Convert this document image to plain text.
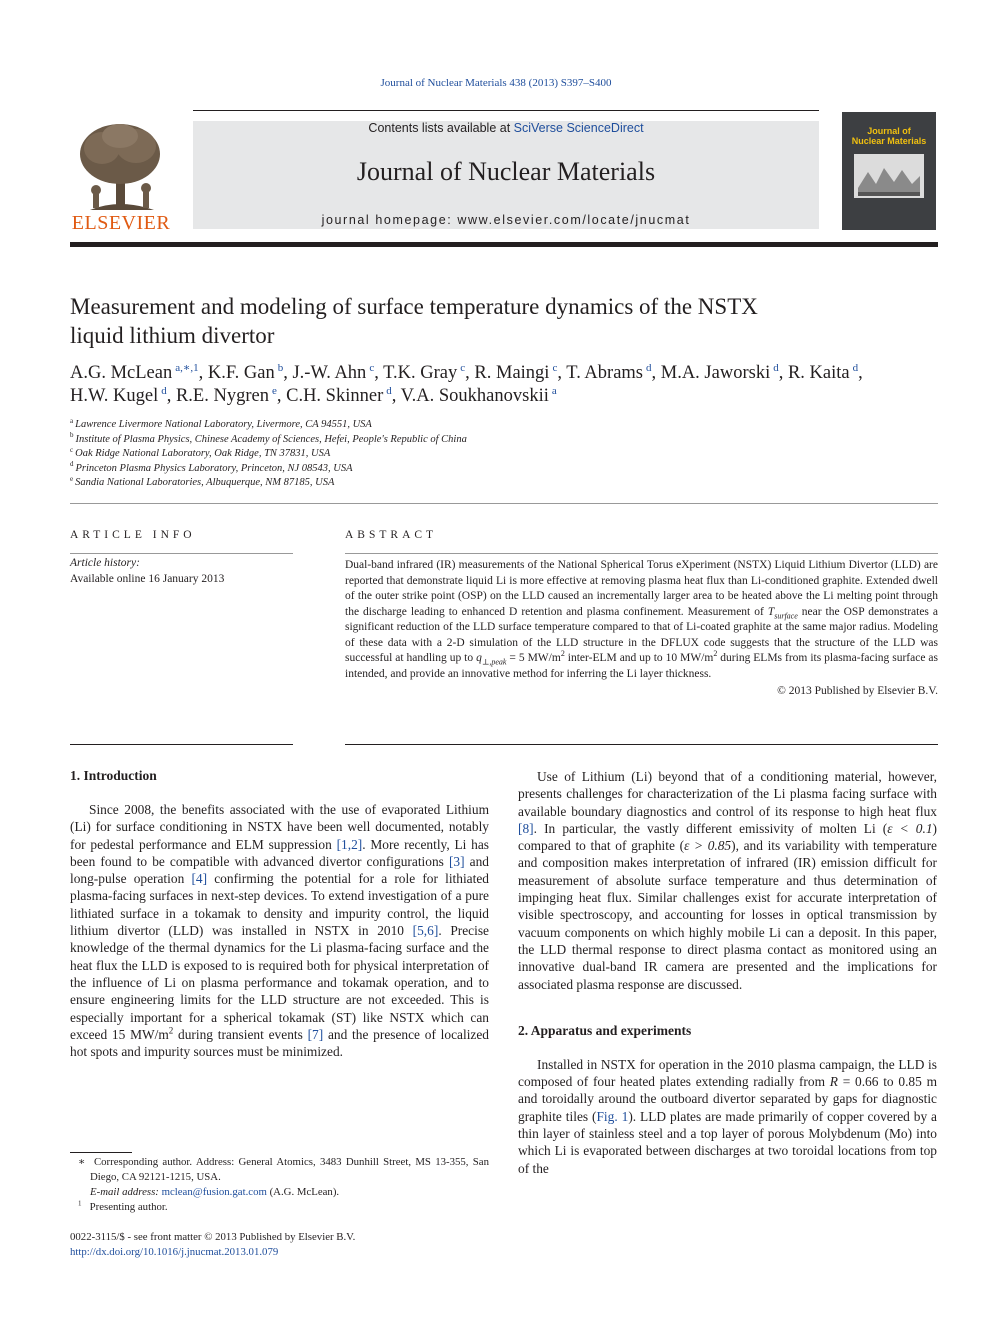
Journal of Nuclear Materials 438 (2013) S397–S400
ELSEVIER
Contents lists available at SciVerse ScienceDirect
Journal of Nuclear Materials
journal homepage: www.elsevier.com/locate/jnucmat
Journal of
Nuclear Materials
Measurement and modeling of surface temperature dynamics of the NSTX
liquid lithium divertor
A.G. McLean $^{a,∗,1}$, K.F. Gan $^b$, J.-W. Ahn $^c$, T.K. Gray $^c$, R. Maingi $^c$, T. Abrams $^d$, M.A. Jaworski $^d$, R. Kaita $^d$,
H.W. Kugel $^d$, R.E. Nygren $^e$, C.H. Skinner $^d$, V.A. Soukhanovskii $^a$
$^a$ Lawrence Livermore National Laboratory, Livermore, CA 94551, USA
$^b$ Institute of Plasma Physics, Chinese Academy of Sciences, Hefei, People's Republic of China
$^c$ Oak Ridge National Laboratory, Oak Ridge, TN 37831, USA
$^d$ Princeton Plasma Physics Laboratory, Princeton, NJ 08543, USA
$^e$ Sandia National Laboratories, Albuquerque, NM 87185, USA
ARTICLE INFO
Article history:
Available online 16 January 2013
ABSTRACT

Dual-band infrared (IR) measurements of the National Spherical Torus eXperiment (NSTX) Liquid Lithium Divertor (LLD) are reported that demonstrate liquid Li is more effective at removing plasma heat flux than Li-conditioned graphite. Extended dwell of the outer strike point (OSP) on the LLD caused an incrementally larger area to be heated above the Li melting point through the discharge leading to enhanced D retention and plasma confinement. Measurement of $T_{surface}$ near the OSP demonstrates a significant reduction of the LLD surface temperature compared to that of Li-coated graphite at the same major radius. Modeling of these data with a 2-D simulation of the LLD structure in the DFLUX code suggests that the structure of the LLD was successful at handling up to $q_{\perp,peak} = 5$ $MW/m^2$ inter-ELM and up to 10 $MW/m^2$ during ELMs from its plasma-facing surface as intended, and provide an innovative method for inferring the Li layer thickness.

© 2013 Published by Elsevier B.V.
1. Introduction

Since 2008, the benefits associated with the use of evaporated Lithium (Li) for surface conditioning in NSTX have been well documented, notably for pedestal performance and ELM suppression [1,2]. More recently, Li has been found to be compatible with advanced divertor configurations [3] and long-pulse operation [4] confirming the potential for a role for lithiated plasma-facing surfaces in next-step devices. To extend investigation of a pure lithiated surface in a tokamak to density and impurity control, the liquid lithium divertor (LLD) was installed in NSTX in 2010 [5,6]. Precise knowledge of the thermal dynamics for the Li plasma-facing surface and the heat flux the LLD is exposed to is required both for physical interpretation of the influence of Li on plasma performance and tokamak operation, and to ensure engineering limits for the LLD structure are not exceeded. This is especially important for a spherical tokamak (ST) like NSTX which can exceed 15 $MW/m^2$ during transient events [7] and the presence of localized hot spots and impurity sources must be minimized.

∗ Corresponding author. Address: General Atomics, 3483 Dunhill Street, MS 13-355, San Diego, CA 92121-1215, USA.
E-mail address: mclean@fusion.gat.com (A.G. McLean).
$^1$ Presenting author.
0022-3115/$ - see front matter © 2013 Published by Elsevier B.V.
http://dx.doi.org/10.1016/j.jnucmat.2013.01.079

Use of Lithium (Li) beyond that of a conditioning material, however, presents challenges for characterization of the Li plasma facing surface with available boundary diagnostics and control of its response to high heat flux [8]. In particular, the vastly different emissivity of molten Li (ε < 0.1) compared to that of graphite (ε > 0.85), and its variability with temperature and composition makes interpretation of infrared (IR) emission difficult for measurement of absolute surface temperature and thus determination of impinging heat flux. Similar challenges exist for accurate interpretation of visible spectroscopy, and accounting for losses in optical transmission by vacuum components on which highly mobile Li can a deposit. In this paper, the LLD thermal response to direct plasma contact as monitored using an innovative dual-band IR camera are presented and the implications for associated plasma response are discussed.

2. Apparatus and experiments

Installed in NSTX for operation in the 2010 plasma campaign, the LLD is composed of four heated plates extending radially from R = 0.66 to 0.85 m and toroidally around the outboard divertor separated by gaps for diagnostic graphite tiles (Fig. 1). LLD plates are made primarily of copper covered by a thin layer of stainless steel and a top layer of porous Molybdenum (Mo) into which Li is evaporated between discharges at two toroidal locations from top of the
